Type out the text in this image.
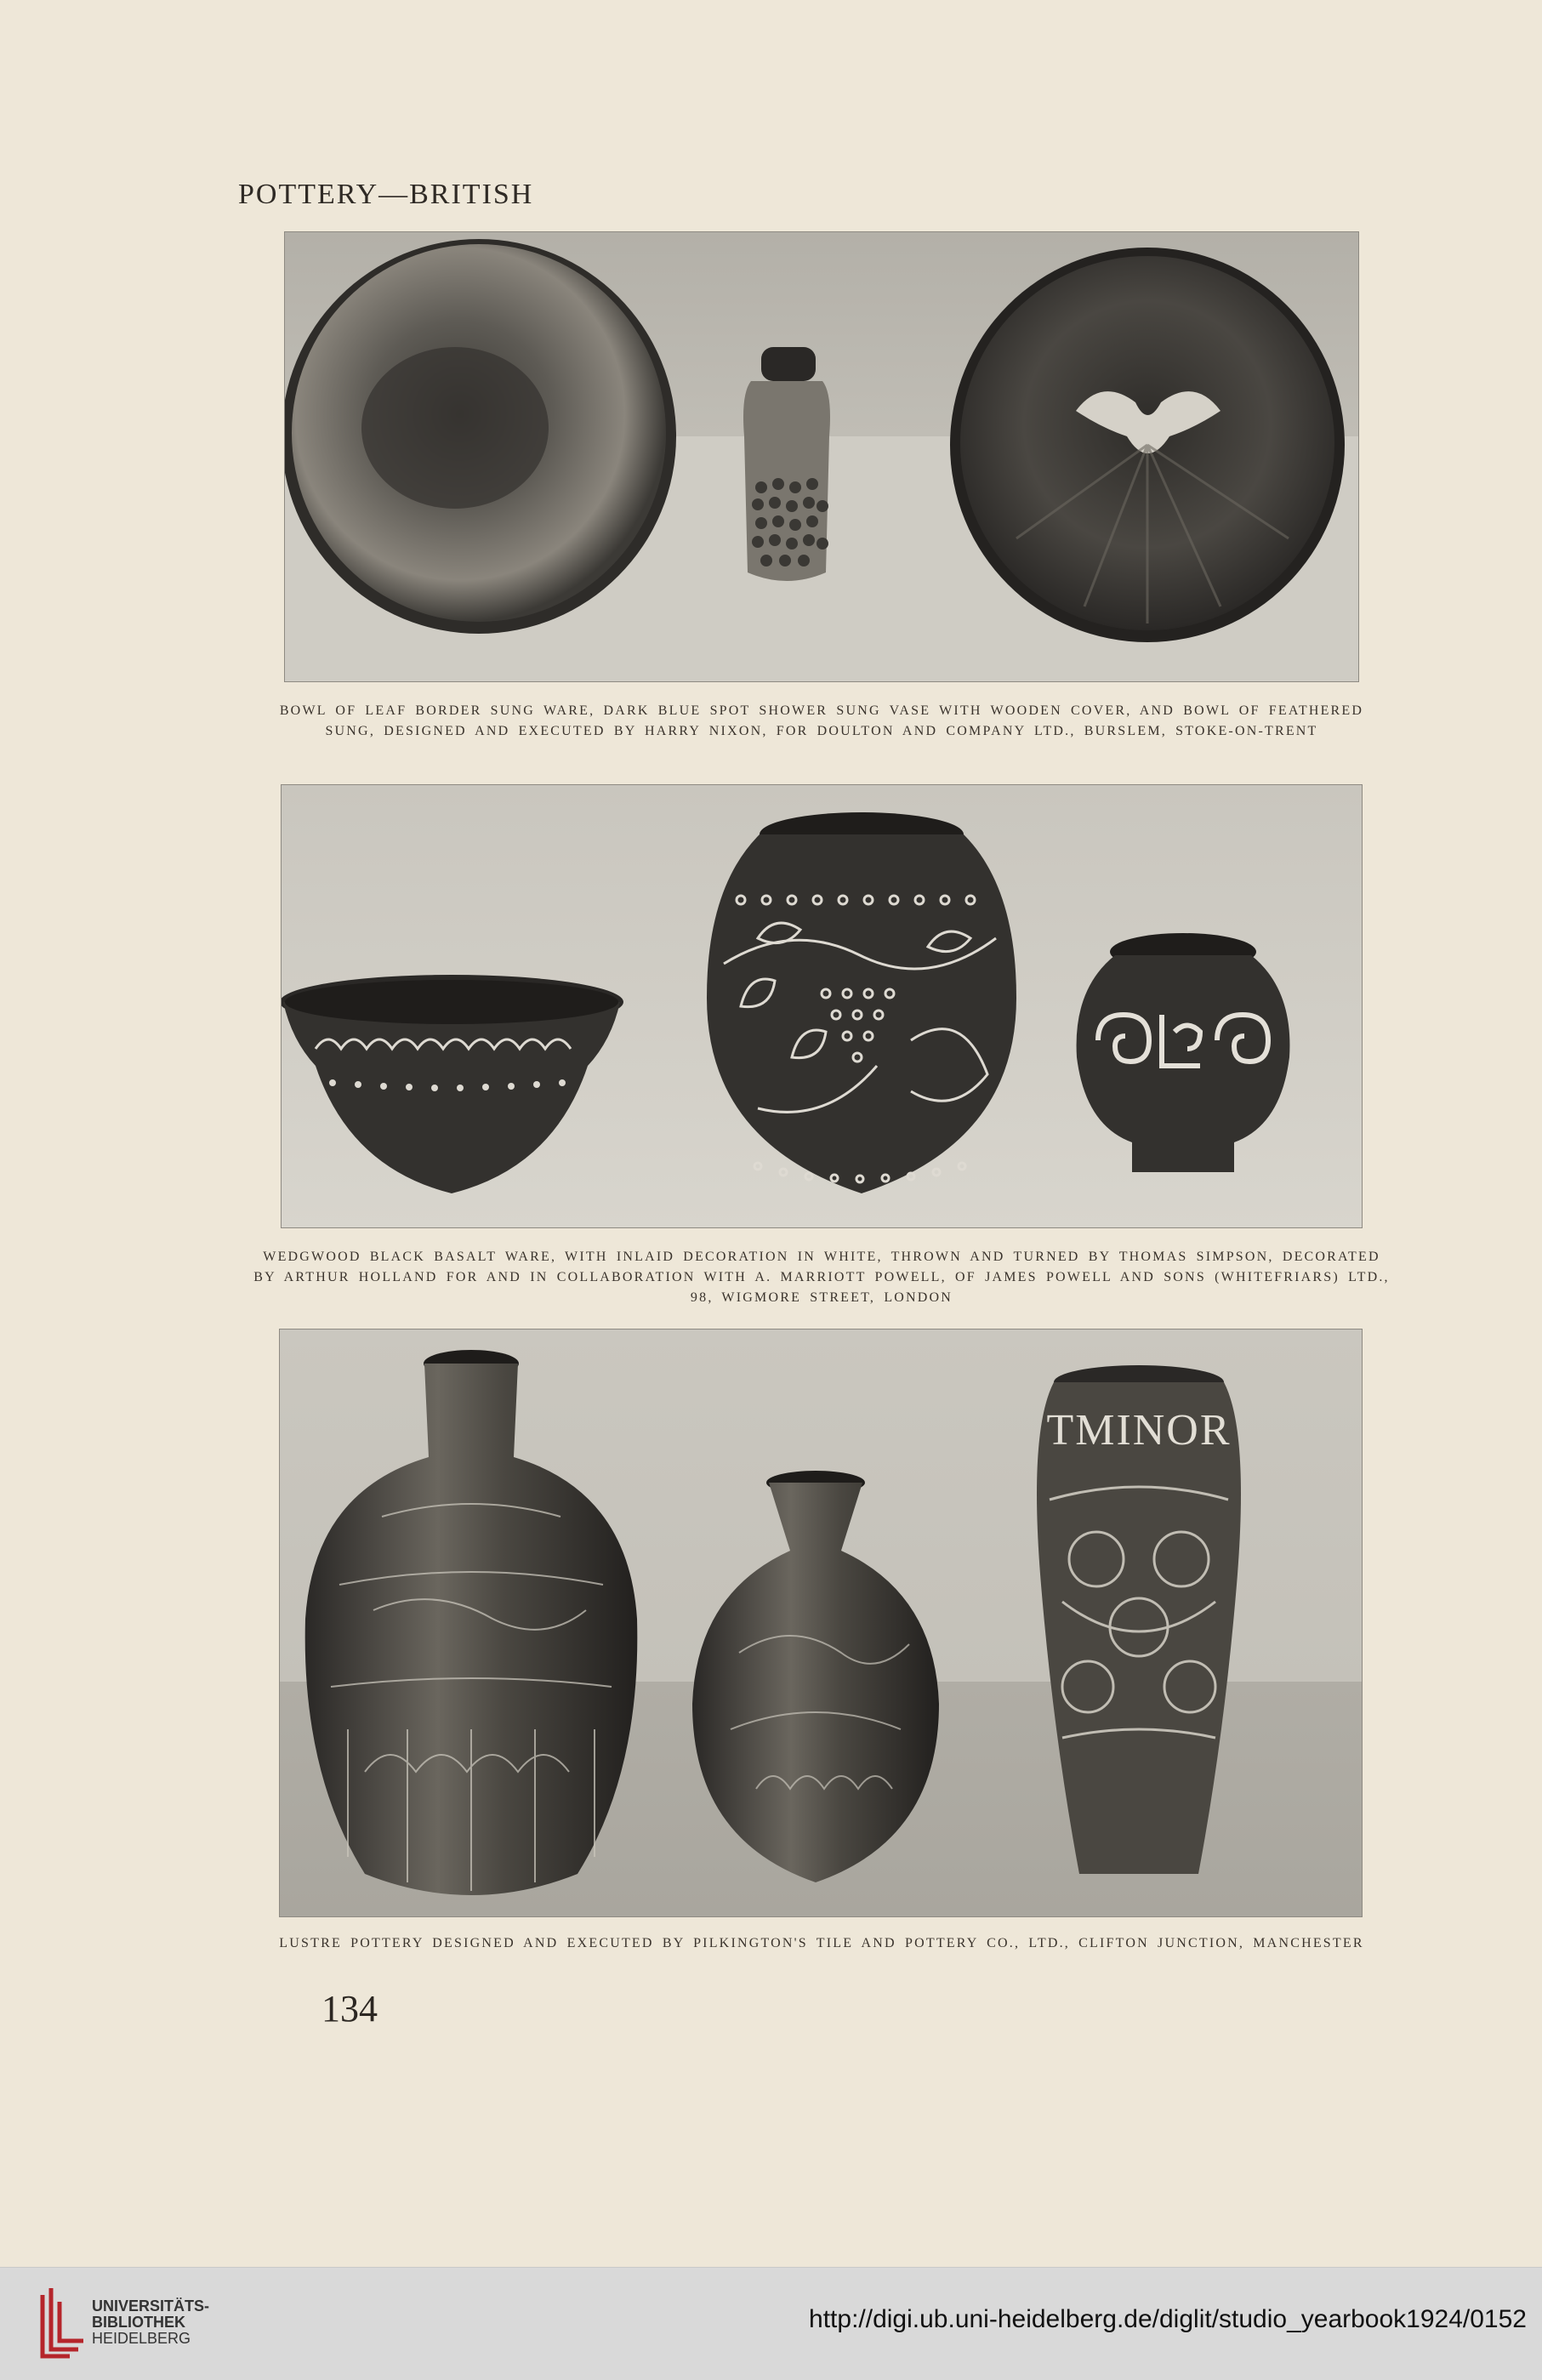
POTTERY—BRITISH
BOWL OF LEAF BORDER SUNG WARE, DARK BLUE SPOT SHOWER SUNG VASE WITH WOODEN COVER, AND BOWL OF FEATHERED SUNG, DESIGNED AND EXECUTED BY HARRY NIXON, FOR DOULTON AND COMPANY LTD., BURSLEM, STOKE-ON-TRENT
WEDGWOOD BLACK BASALT WARE, WITH INLAID DECORATION IN WHITE, THROWN AND TURNED BY THOMAS SIMPSON, DECORATED BY ARTHUR HOLLAND FOR AND IN COLLABORATION WITH A. MARRIOTT POWELL, OF JAMES POWELL AND SONS (WHITEFRIARS) LTD., 98, WIGMORE STREET, LONDON
TMINOR
LUSTRE POTTERY DESIGNED AND EXECUTED BY PILKINGTON'S TILE AND POTTERY CO., LTD., CLIFTON JUNCTION, MANCHESTER
134
UNIVERSITÄTS-
BIBLIOTHEK
HEIDELBERG
http://digi.ub.uni-heidelberg.de/diglit/studio_yearbook1924/0152
